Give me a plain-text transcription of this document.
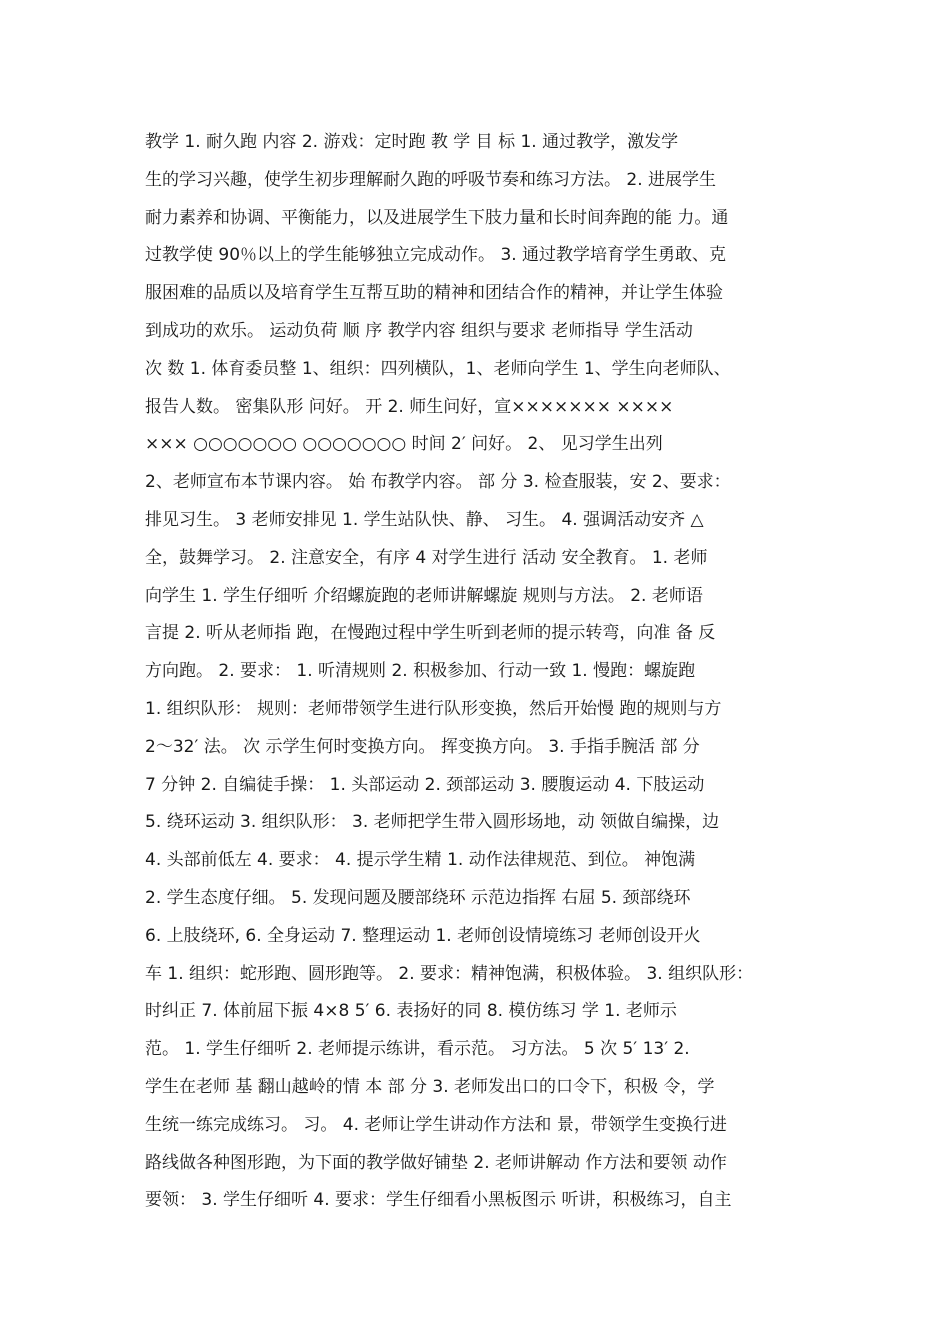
教学 1. 耐久跑 内容 2. 游戏：定时跑 教 学 目 标 1. 通过教学，激发学
生的学习兴趣，使学生初步理解耐久跑的呼吸节奏和练习方法。 2. 进展学生
耐力素养和协调、平衡能力，以及进展学生下肢力量和长时间奔跑的能 力。通
过教学使 90％以上的学生能够独立完成动作。 3. 通过教学培育学生勇敢、克
服困难的品质以及培育学生互帮互助的精神和团结合作的精神，并让学生体验
到成功的欢乐。 运动负荷 顺 序 教学内容 组织与要求 老师指导 学生活动
次 数 1. 体育委员整 1、组织：四列横队，1、老师向学生 1、学生向老师队、
报告人数。 密集队形 问好。 开 2. 师生问好，宣××××××× ××××
××× ○○○○○○○ ○○○○○○○ 时间 2′ 问好。 2、 见习学生出列
2、老师宣布本节课内容。 始 布教学内容。 部 分 3. 检查服装，安 2、要求：
排见习生。 3 老师安排见 1. 学生站队快、静、 习生。 4. 强调活动安齐 △
全，鼓舞学习。 2. 注意安全，有序 4 对学生进行 活动 安全教育。 1. 老师
向学生 1. 学生仔细听 介绍螺旋跑的老师讲解螺旋 规则与方法。 2. 老师语
言提 2. 听从老师指 跑，在慢跑过程中学生听到老师的提示转弯，向准 备 反
方向跑。 2. 要求： 1. 听清规则 2. 积极参加、行动一致 1. 慢跑：螺旋跑
1. 组织队形： 规则：老师带领学生进行队形变换，然后开始慢 跑的规则与方
2～32′ 法。 次 示学生何时变换方向。 挥变换方向。 3. 手指手腕活 部 分
7 分钟 2. 自编徒手操： 1. 头部运动 2. 颈部运动 3. 腰腹运动 4. 下肢运动
5. 绕环运动 3. 组织队形： 3. 老师把学生带入圆形场地，动 领做自编操，边
4. 头部前低左 4. 要求： 4. 提示学生精 1. 动作法律规范、到位。 神饱满
2. 学生态度仔细。 5. 发现问题及腰部绕环 示范边指挥 右屈 5. 颈部绕环
6. 上肢绕环, 6. 全身运动 7. 整理运动 1. 老师创设情境练习 老师创设开火
车 1. 组织：蛇形跑、圆形跑等。 2. 要求：精神饱满，积极体验。 3. 组织队形：
时纠正 7. 体前屈下振 4×8 5′ 6. 表扬好的同 8. 模仿练习 学 1. 老师示
范。 1. 学生仔细听 2. 老师提示练讲，看示范。 习方法。 5 次 5′ 13′ 2.
学生在老师 基 翻山越岭的情 本 部 分 3. 老师发出口的口令下，积极 令，学
生统一练完成练习。 习。 4. 老师让学生讲动作方法和 景，带领学生变换行进
路线做各种图形跑，为下面的教学做好铺垫 2. 老师讲解动 作方法和要领 动作
要领： 3. 学生仔细听 4. 要求：学生仔细看小黑板图示 听讲，积极练习，自主
